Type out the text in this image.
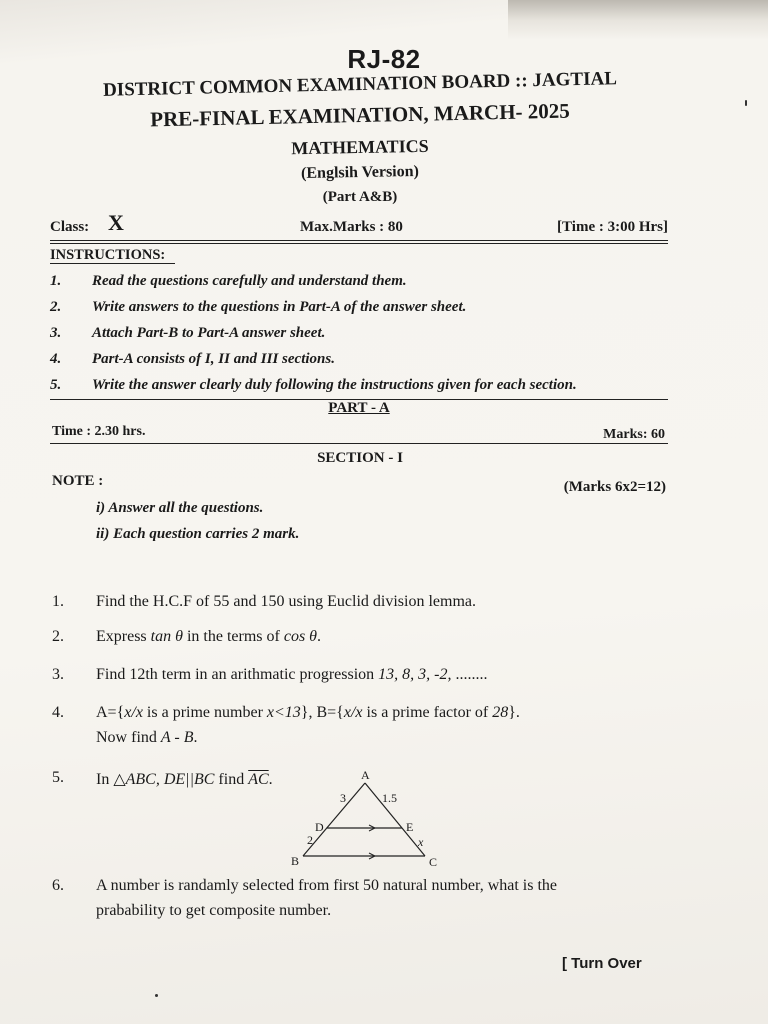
RJ-82
DISTRICT COMMON EXAMINATION BOARD :: JAGTIAL
PRE-FINAL EXAMINATION, MARCH- 2025
MATHEMATICS
(Englsih Version)
(Part A&B)
Class: X	Max.Marks : 80	[Time : 3:00 Hrs]
INSTRUCTIONS:
1.	Read the questions carefully and understand them.
2.	Write answers to the questions in Part-A of the answer sheet.
3.	Attach Part-B to Part-A answer sheet.
4.	Part-A consists of I, II and III sections.
5.	Write the answer clearly duly following the instructions given for each section.
PART - A
Time : 2.30 hrs.	Marks: 60
SECTION - I
NOTE :	(Marks 6x2=12)
i) Answer all the questions.
ii) Each question carries 2 mark.
1.	Find the H.C.F of 55 and 150 using Euclid division lemma.
2.	Express tan θ in the terms of cos θ.
3.	Find 12th term in an arithmatic progression 13, 8, 3, -2, ........
4.	A={x/x is a prime number x<13}, B={x/x is a prime factor of 28}.
Now find A - B.
5.	In △ABC, DE||BC find $\overline{AC}$.	A
B	C
D	E
3	1.5
2	x
6.	A number is randamly selected from first 50 natural number, what is the
prabability to get composite number.
[ Turn Over
